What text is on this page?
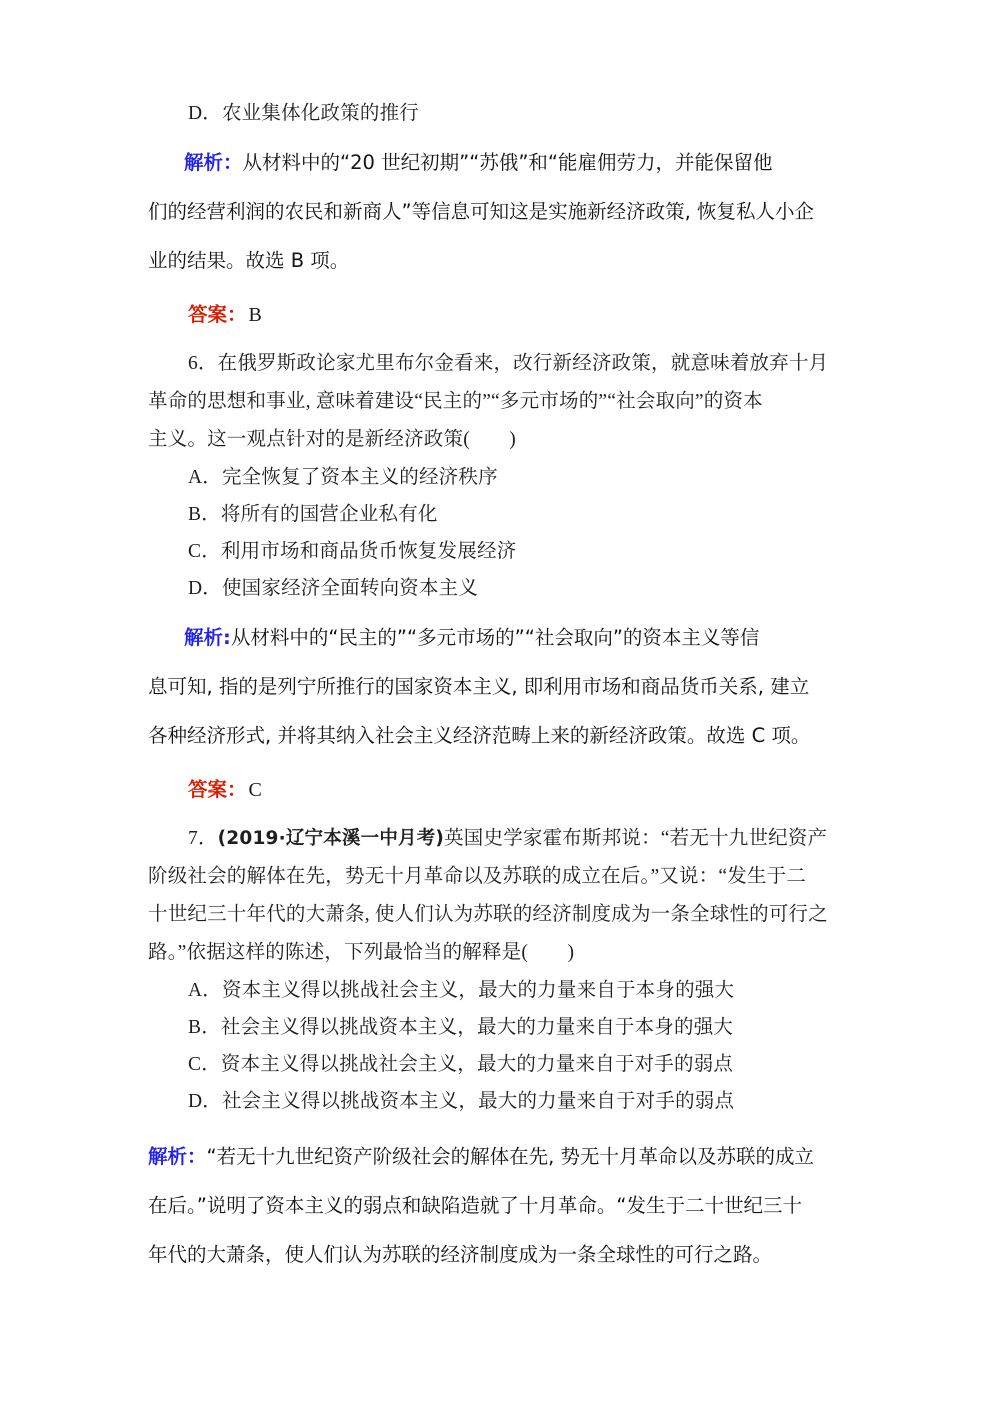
D．农业集体化政策的推行
解析：从材料中的“20 世纪初期”“苏俄”和“能雇佣劳力，并能保留他
们的经营利润的农民和新商人”等信息可知这是实施新经济政策, 恢复私人小企
业的结果。故选 B 项。
答案： B
6．在俄罗斯政论家尤里布尔金看来，改行新经济政策，就意味着放弃十月
革命的思想和事业, 意味着建设“民主的”“多元市场的”“社会取向”的资本
主义。这一观点针对的是新经济政策(　　)
A．完全恢复了资本主义的经济秩序
B．将所有的国营企业私有化
C．利用市场和商品货币恢复发展经济
D．使国家经济全面转向资本主义
解析:从材料中的“民主的”“多元市场的”“社会取向”的资本主义等信
息可知, 指的是列宁所推行的国家资本主义, 即利用市场和商品货币关系, 建立
各种经济形式, 并将其纳入社会主义经济范畴上来的新经济政策。故选 C 项。
答案： C
7．(2019·辽宁本溪一中月考)英国史学家霍布斯邦说：“若无十九世纪资产
阶级社会的解体在先，势无十月革命以及苏联的成立在后。”又说：“发生于二
十世纪三十年代的大萧条, 使人们认为苏联的经济制度成为一条全球性的可行之
路。”依据这样的陈述，下列最恰当的解释是(　　)
A．资本主义得以挑战社会主义，最大的力量来自于本身的强大
B．社会主义得以挑战资本主义，最大的力量来自于本身的强大
C．资本主义得以挑战社会主义，最大的力量来自于对手的弱点
D．社会主义得以挑战资本主义，最大的力量来自于对手的弱点
解析：“若无十九世纪资产阶级社会的解体在先, 势无十月革命以及苏联的成立
在后。”说明了资本主义的弱点和缺陷造就了十月革命。“发生于二十世纪三十
年代的大萧条，使人们认为苏联的经济制度成为一条全球性的可行之路。
